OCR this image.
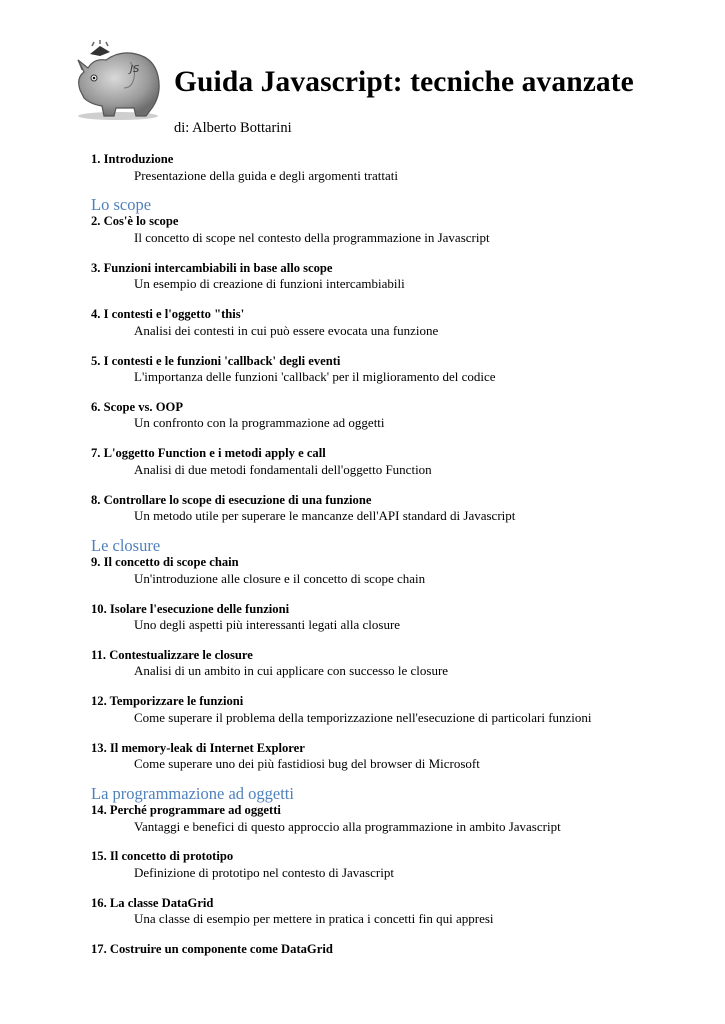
JS Guida Javascript: tecniche avanzate
di: Alberto Bottarini
1. Introduzione
Presentazione della guida e degli argomenti trattati
Lo scope
2. Cos'è lo scope
Il concetto di scope nel contesto della programmazione in Javascript
3. Funzioni intercambiabili in base allo scope
Un esempio di creazione di funzioni intercambiabili
4. I contesti e l'oggetto "this'
Analisi dei contesti in cui può essere evocata una funzione
5. I contesti e le funzioni 'callback' degli eventi
L'importanza delle funzioni 'callback' per il miglioramento del codice
6. Scope vs. OOP
Un confronto con la programmazione ad oggetti
7. L'oggetto Function e i metodi apply e call
Analisi di due metodi fondamentali dell'oggetto Function
8. Controllare lo scope di esecuzione di una funzione
Un metodo utile per superare le mancanze dell'API standard di Javascript
Le closure
9. Il concetto di scope chain
Un'introduzione alle closure e il concetto di scope chain
10. Isolare l'esecuzione delle funzioni
Uno degli aspetti più interessanti legati alla closure
11. Contestualizzare le closure
Analisi di un ambito in cui applicare con successo le closure
12. Temporizzare le funzioni
Come superare il problema della temporizzazione nell'esecuzione di particolari funzioni
13. Il memory-leak di Internet Explorer
Come superare uno dei più fastidiosi bug del browser di Microsoft
La programmazione ad oggetti
14. Perché programmare ad oggetti
Vantaggi e benefici di questo approccio alla programmazione in ambito Javascript
15. Il concetto di prototipo
Definizione di prototipo nel contesto di Javascript
16. La classe DataGrid
Una classe di esempio per mettere in pratica i concetti fin qui appresi
17. Costruire un componente come DataGrid
